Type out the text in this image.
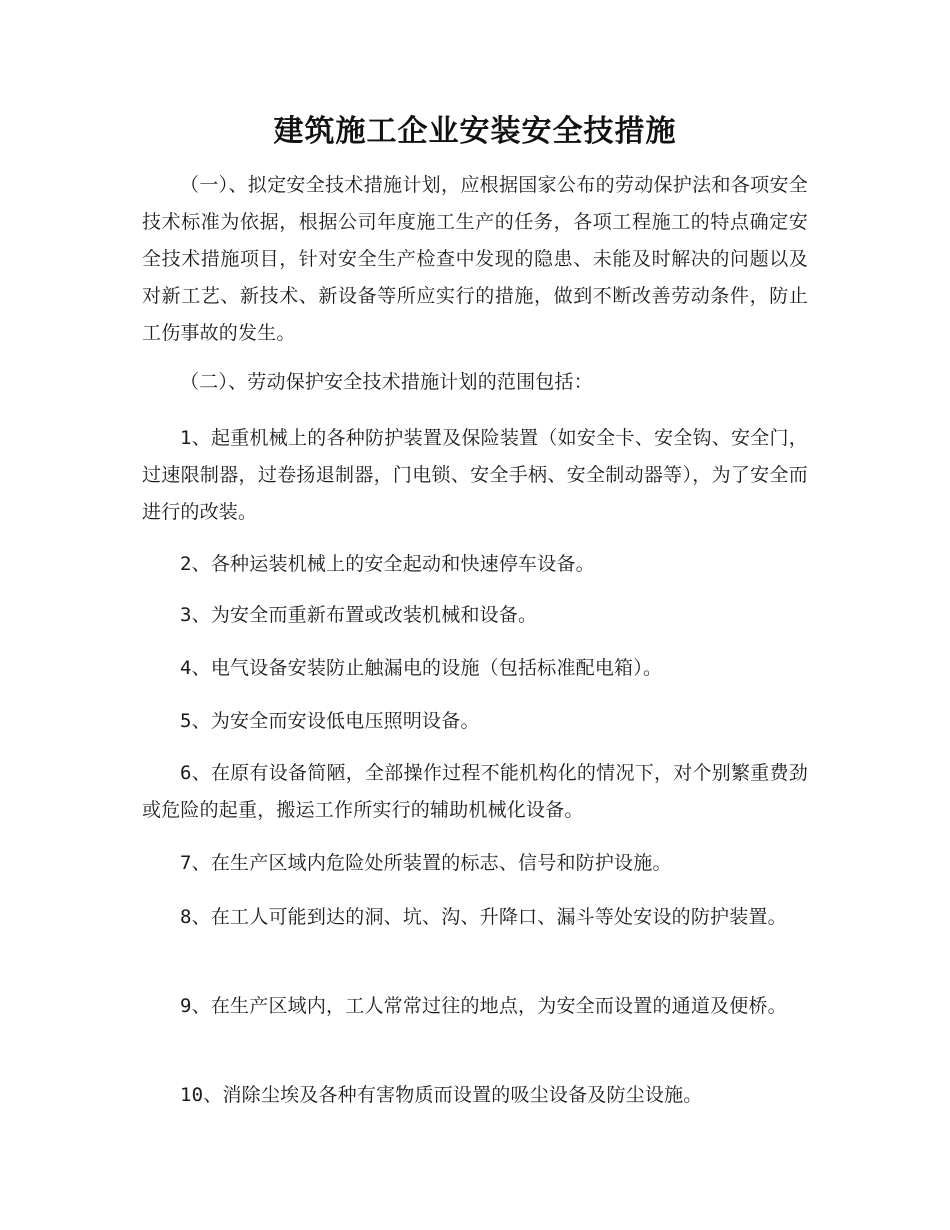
建筑施工企业安装安全技措施

（一）、拟定安全技术措施计划，应根据国家公布的劳动保护法和各项安全技术标准为依据，根据公司年度施工生产的任务，各项工程施工的特点确定安全技术措施项目，针对安全生产检查中发现的隐患、未能及时解决的问题以及对新工艺、新技术、新设备等所应实行的措施，做到不断改善劳动条件，防止工伤事故的发生。

（二）、劳动保护安全技术措施计划的范围包括：

1、起重机械上的各种防护装置及保险装置（如安全卡、安全钩、安全门，过速限制器，过卷扬退制器，门电锁、安全手柄、安全制动器等），为了安全而进行的改装。

2、各种运装机械上的安全起动和快速停车设备。

3、为安全而重新布置或改装机械和设备。

4、电气设备安装防止触漏电的设施（包括标准配电箱）。

5、为安全而安设低电压照明设备。

6、在原有设备简陋，全部操作过程不能机构化的情况下，对个别繁重费劲或危险的起重，搬运工作所实行的辅助机械化设备。

7、在生产区域内危险处所装置的标志、信号和防护设施。

8、在工人可能到达的洞、坑、沟、升降口、漏斗等处安设的防护装置。

9、在生产区域内，工人常常过往的地点，为安全而设置的通道及便桥。

10、消除尘埃及各种有害物质而设置的吸尘设备及防尘设施。
